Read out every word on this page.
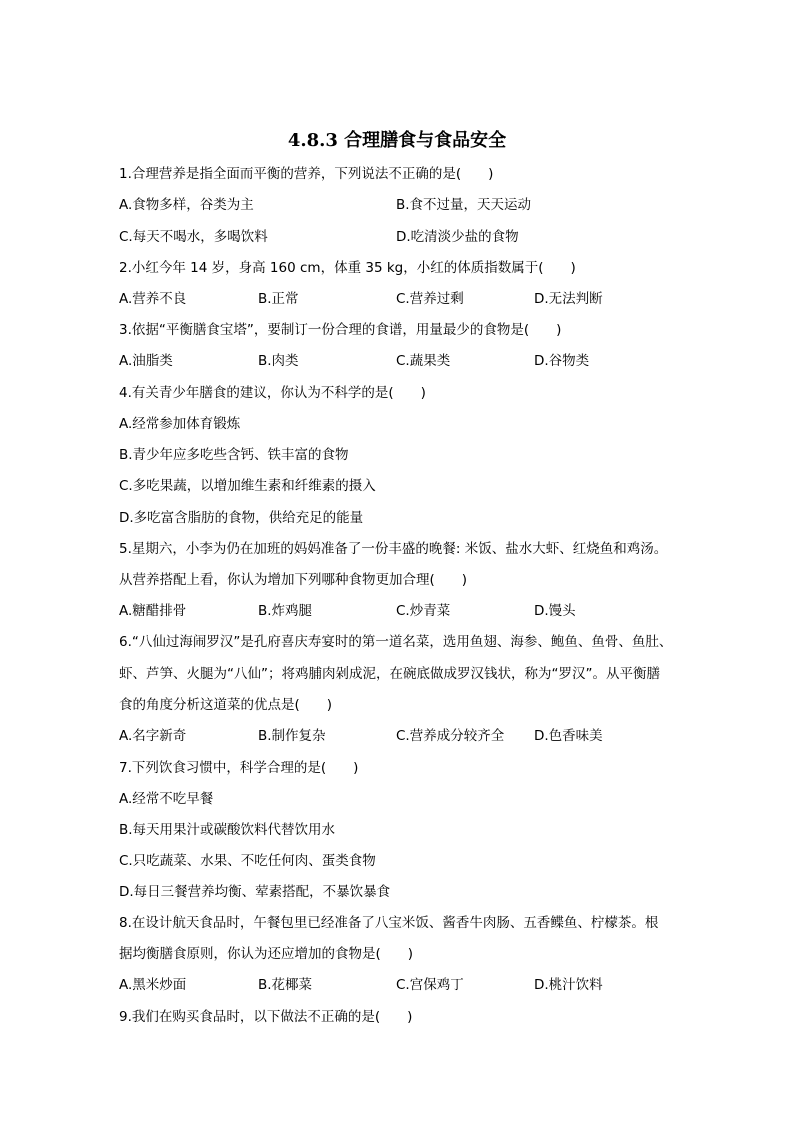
4.8.3 合理膳食与食品安全
1.合理营养是指全面而平衡的营养，下列说法不正确的是(　　)
A.食物多样，谷类为主	B.食不过量，天天运动
C.每天不喝水，多喝饮料	D.吃清淡少盐的食物
2.小红今年 14 岁，身高 160 cm，体重 35 kg，小红的体质指数属于(　　)
A.营养不良	B.正常	C.营养过剩	D.无法判断
3.依据“平衡膳食宝塔”，要制订一份合理的食谱，用量最少的食物是(　　)
A.油脂类	B.肉类	C.蔬果类	D.谷物类
4.有关青少年膳食的建议，你认为不科学的是(　　)
A.经常参加体育锻炼
B.青少年应多吃些含钙、铁丰富的食物
C.多吃果蔬，以增加维生素和纤维素的摄入
D.多吃富含脂肪的食物，供给充足的能量
5.星期六，小李为仍在加班的妈妈准备了一份丰盛的晚餐: 米饭、盐水大虾、红烧鱼和鸡汤。
从营养搭配上看，你认为增加下列哪种食物更加合理(　　)
A.糖醋排骨	B.炸鸡腿	C.炒青菜	D.馒头
6.“八仙过海闹罗汉”是孔府喜庆寿宴时的第一道名菜，选用鱼翅、海参、鲍鱼、鱼骨、鱼肚、
虾、芦笋、火腿为“八仙”；将鸡脯肉剁成泥，在碗底做成罗汉钱状，称为“罗汉”。从平衡膳
食的角度分析这道菜的优点是(　　)
A.名字新奇	B.制作复杂	C.营养成分较齐全 D.色香味美
7.下列饮食习惯中，科学合理的是(　　)
A.经常不吃早餐
B.每天用果汁或碳酸饮料代替饮用水
C.只吃蔬菜、水果、不吃任何肉、蛋类食物
D.每日三餐营养均衡、荤素搭配，不暴饮暴食
8.在设计航天食品时，午餐包里已经准备了八宝米饭、酱香牛肉肠、五香鲽鱼、柠檬茶。根
据均衡膳食原则，你认为还应增加的食物是(　　)
A.黑米炒面	B.花椰菜	C.宫保鸡丁	D.桃汁饮料
9.我们在购买食品时，以下做法不正确的是(　　)
